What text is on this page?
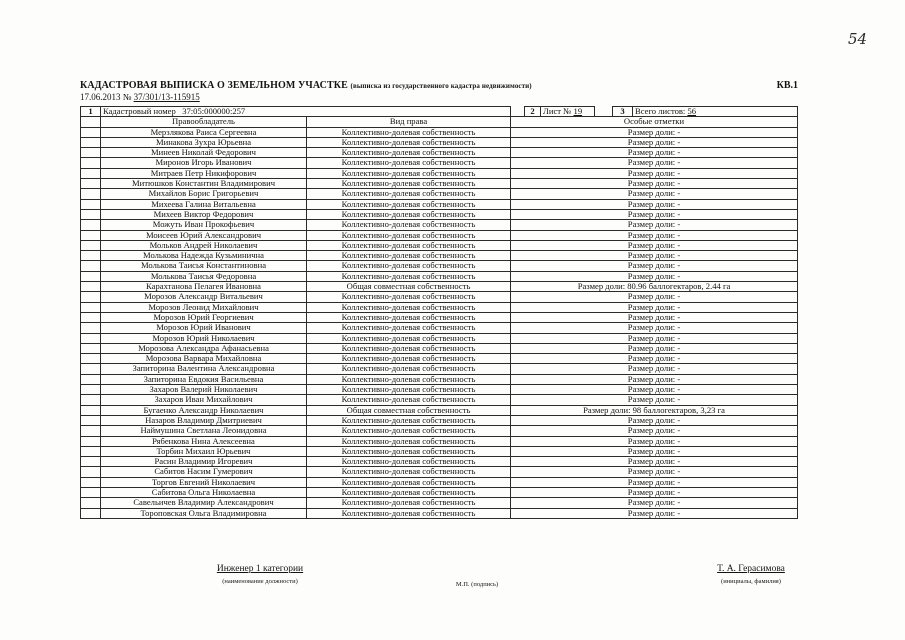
54
КАДАСТРОВАЯ ВЫПИСКА О ЗЕМЕЛЬНОМ УЧАСТКЕ (выписка из государственного кадастра недвижимости)	КВ.1
17.06.2013 № 37/301/13-115915
1	Кадастровый номер 37:05:000000:257			2	Лист № 19		3	Всего листов: 56
	Правообладатель	Вид права	Особые отметки					
	Мерзлякова Раиса Сергеевна	Коллективно-долевая собственность	Размер доли: -					
	Минакова Зухра Юрьевна	Коллективно-долевая собственность	Размер доли: -					
	Минеев Николай Федорович	Коллективно-долевая собственность	Размер доли: -					
	Миронов Игорь Иванович	Коллективно-долевая собственность	Размер доли: -					
	Митраев Петр Никифорович	Коллективно-долевая собственность	Размер доли: -					
	Митюшков Константин Владимирович	Коллективно-долевая собственность	Размер доли: -					
	Михайлов Борис Григорьевич	Коллективно-долевая собственность	Размер доли: -					
	Михеева Галина Витальевна	Коллективно-долевая собственность	Размер доли: -					
	Михеев Виктор Федорович	Коллективно-долевая собственность	Размер доли: -					
	Можуть Иван Прокофьевич	Коллективно-долевая собственность	Размер доли: -					
	Моисеев Юрий Александрович	Коллективно-долевая собственность	Размер доли: -					
	Мольков Андрей Николаевич	Коллективно-долевая собственность	Размер доли: -					
	Молькова Надежда Кузьминична	Коллективно-долевая собственность	Размер доли: -					
	Молькова Таисья Константиновна	Коллективно-долевая собственность	Размер доли: -					
	Молькова Таисья Федоровна	Коллективно-долевая собственность	Размер доли: -					
	Карахтанова Пелагея Ивановна	Общая совместная собственность	Размер доли: 80.96 баллогектаров, 2.44 га					
	Морозов Александр Витальевич	Коллективно-долевая собственность	Размер доли: -					
	Морозов Леонид Михайлович	Коллективно-долевая собственность	Размер доли: -					
	Морозов Юрий Георгиевич	Коллективно-долевая собственность	Размер доли: -					
	Морозов Юрий Иванович	Коллективно-долевая собственность	Размер доли: -					
	Морозов Юрий Николаевич	Коллективно-долевая собственность	Размер доли: -					
	Морозова Александра Афанасьевна	Коллективно-долевая собственность	Размер доли: -					
	Морозова Варвара Михайловна	Коллективно-долевая собственность	Размер доли: -					
	Запиторина Валентина Александровна	Коллективно-долевая собственность	Размер доли: -					
	Запиторина Евдокия Васильевна	Коллективно-долевая собственность	Размер доли: -					
	Захаров Валерий Николаевич	Коллективно-долевая собственность	Размер доли: -					
	Захаров Иван Михайлович	Коллективно-долевая собственность	Размер доли: -					
	Бугаенко Александр Николаевич	Общая совместная собственность	Размер доли: 98 баллогектаров, 3,23 га					
	Назаров Владимир Дмитриевич	Коллективно-долевая собственность	Размер доли: -					
	Наймушина Светлана Леонидовна	Коллективно-долевая собственность	Размер доли: -					
	Рябенкова Нина Алексеевна	Коллективно-долевая собственность	Размер доли: -					
	Торбин Михаил Юрьевич	Коллективно-долевая собственность	Размер доли: -					
	Расин Владимир Игоревич	Коллективно-долевая собственность	Размер доли: -					
	Сабитов Насим Гумерович	Коллективно-долевая собственность	Размер доли: -					
	Торгов Евгений Николаевич	Коллективно-долевая собственность	Размер доли: -					
	Сабитова Ольга Николаевна	Коллективно-долевая собственность	Размер доли: -					
	Савельичев Владимир Александрович	Коллективно-долевая собственность	Размер доли: -					
	Тороповская Ольга Владимировна	Коллективно-долевая собственность	Размер доли: -					
Инженер 1 категории
(наименование должности)	М.П. (подпись)
Т. А. Герасимова
(инициалы, фамилия)
